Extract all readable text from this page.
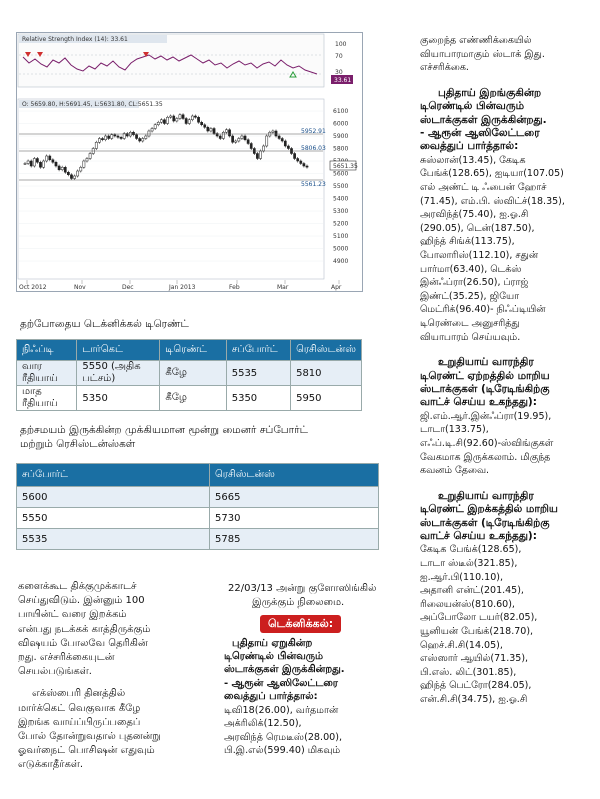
Relative Strength Index (14): 33.61
33.61
100
70
30
O: 5659.80, H:5691.45, L:5631.80, CL:5651.35
6100
6000
5900
5800
5600
5500
5400
5300
5200
5100
5000
4900
5952.91
5806.03
5651.35
5561.23
Oct 2012	Nov	Dec	Jan 2013	Feb	Mar	Apr
தற்போதைய டெக்னிக்கல் டிரெண்ட்
நிஃப்டி	டார்கெட்	டிரெண்ட்	சப்போர்ட்	ரெசிஸ்டன்ஸ்
வார ரீதியாய்	5550 (அதிக பட்சம்)	கீழே	5535	5810
மாத ரீதியாய்	5350	கீழே	5350	5950
தற்சமயம் இருக்கின்ற முக்கியமான மூன்று மைனர் சப்போர்ட்
மற்றும் ரெசிஸ்டன்ஸ்கள்
சப்போர்ட்	ரெசிஸ்டன்ஸ்
5600	5665
5550	5730
5535	5785
களைக்கூட திக்குமுக்காடச்
செய்துவிடும். இன்னும் 100
பாயின்ட் வரை இறக்கம்
என்பது நடக்கக் காத்திருக்கும்
விஷயம் போலவே தெரிகின்
றது. எச்சரிக்கையுடன்
செயல்படுங்கள்.
எக்ஸ்பைரி தினத்தில்
மார்க்கெட் வெகுவாக கீழே
இறங்க வாய்ப்பிருப்பதைப்
போல் தோன்றுவதால் புதனன்று
ஓவர்நைட் பொசிஷன் எதுவும்
எடுக்காதீர்கள்.
22/03/13 அன்று குளோஸிங்கில்
இருக்கும் நிலைமை.
டெக்னிக்கல்:
புதிதாய் ஏறுகின்ற
டிரெண்டில் பின்வரும்
ஸ்டாக்குகள் இருக்கின்றது.
- ஆரூன் ஆஸிலேட்டரை
வைத்துப் பார்த்தால்:
டிவி18(26.00), வர்தமான்
அக்ரிலிக்(12.50),
அரவிந்த் ரெமடீஸ்(28.00),
பி.இ.எல்(599.40) மிகவும்
குறைந்த எண்ணிக்கையில்
வியாபாரமாகும் ஸ்டாக் இது.
எச்சரிக்கை.
புதிதாய் இறங்குகின்ற
டிரெண்டில் பின்வரும்
ஸ்டாக்குகள் இருக்கின்றது.
- ஆரூன் ஆஸிலேட்டரை
வைத்துப் பார்த்தால்:
சுஸ்லான்(13.45), கேடிக
பேங்க்(128.65), ஐடியா(107.05)
எல் அண்ட் டி ஃபைன் ஹோச்
(71.45), எம்.பி. ஸ்விட்ச்(18.35),
அரவிந்த்(75.40), ஐ.ஓ.சி
(290.05), டென்(187.50),
ஹிந்த் சிங்க்(113.75),
போலாரிஸ்(112.10), சதுன்
பார்மா(63.40), டெக்ஸ்
இன்ஃப்ரா(26.50), ப்ராஜ்
இண்ட்(35.25), ஜியோ
மெட்ரிக்(96.40)- நிஃப்டியின்
டிரெண்டை அனுசரித்து
வியாபாரம் செய்யவும்.
உறுதியாய் வாரந்திர
டிரெண்ட் ஏற்றத்தில் மாறிய
ஸ்டாக்குகள் (டிரேடிங்கிற்கு
வாட்ச் செய்ய உகந்தது):
ஜி.எம்.ஆர்.இன்ஃப்ரா(19.95),
டாடா(133.75),
எஃப்.டி.சி(92.60)-ஸ்விங்குகள்
வேகமாக இருக்கலாம். மிகுந்த
கவனம் தேவை.
உறுதியாய் வாரந்திர
டிரெண்ட் இறக்கத்தில் மாறிய
ஸ்டாக்குகள் (டிரேடிங்கிற்கு
வாட்ச் செய்ய உகந்தது):
கேடிக பேங்க்(128.65),
டாடா ஸ்டீல்(321.85),
ஐ.ஆர்.பி(110.10),
அதானி என்ட்(201.45),
ரிலையன்ஸ்(810.60),
அப்போலோ டயர்(82.05),
யூனியன் பேங்க்(218.70),
ஹெச்.சி.சி(14.05),
எஸ்ஸார் ஆயில்(71.35),
பி.எஸ். லிட்(301.85),
ஹிந்த் பெட்ரோ(284.05),
என்.சி.சி(34.75), ஐ.ஓ.சி
